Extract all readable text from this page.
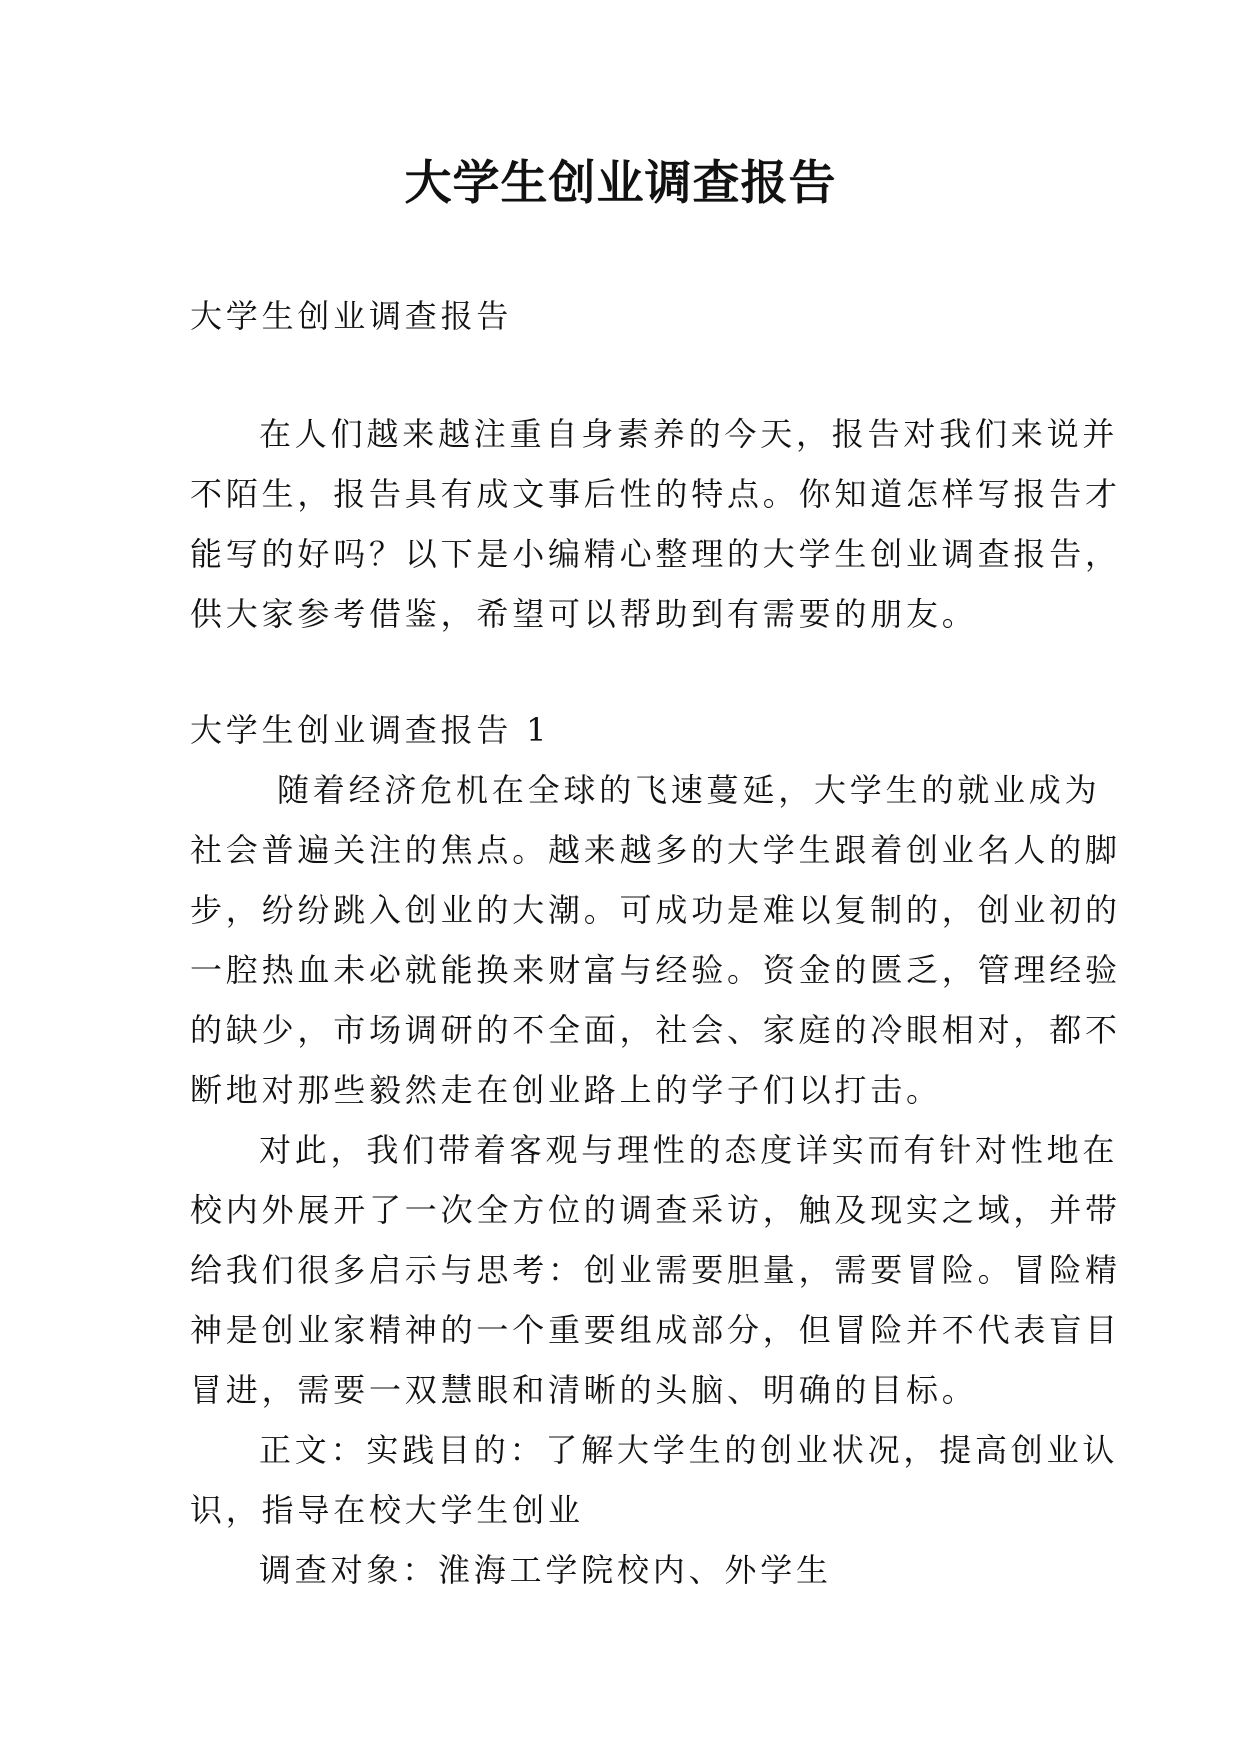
大学生创业调查报告

大学生创业调查报告

在人们越来越注重自身素养的今天，报告对我们来说并

不陌生，报告具有成文事后性的特点。你知道怎样写报告才

能写的好吗？以下是小编精心整理的大学生创业调查报告，

供大家参考借鉴，希望可以帮助到有需要的朋友。

大学生创业调查报告 1

随着经济危机在全球的飞速蔓延，大学生的就业成为

社会普遍关注的焦点。越来越多的大学生跟着创业名人的脚

步，纷纷跳入创业的大潮。可成功是难以复制的，创业初的

一腔热血未必就能换来财富与经验。资金的匮乏，管理经验

的缺少，市场调研的不全面，社会、家庭的冷眼相对，都不

断地对那些毅然走在创业路上的学子们以打击。

对此，我们带着客观与理性的态度详实而有针对性地在

校内外展开了一次全方位的调查采访，触及现实之域，并带

给我们很多启示与思考：创业需要胆量，需要冒险。冒险精

神是创业家精神的一个重要组成部分，但冒险并不代表盲目

冒进，需要一双慧眼和清晰的头脑、明确的目标。

正文：实践目的：了解大学生的创业状况，提高创业认

识，指导在校大学生创业

调查对象：淮海工学院校内、外学生
